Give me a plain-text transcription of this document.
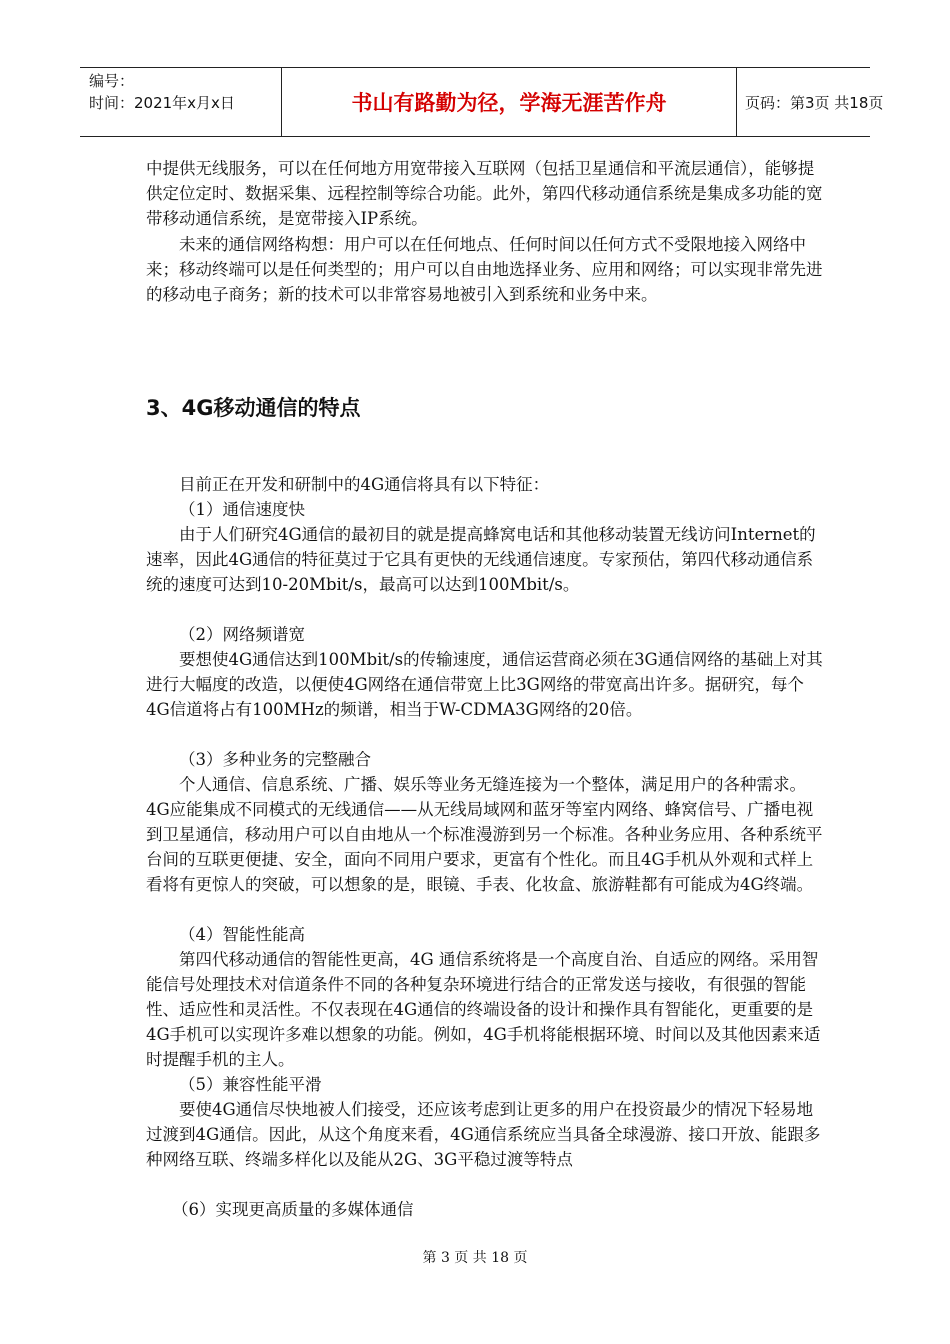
编号：
时间：2021年x月x日	书山有路勤为径，学海无涯苦作舟	页码：第3页 共18页

中提供无线服务，可以在任何地方用宽带接入互联网（包括卫星通信和平流层通信），能够提供定位定时、数据采集、远程控制等综合功能。此外，第四代移动通信系统是集成多功能的宽带移动通信系统，是宽带接入IP系统。

未来的通信网络构想：用户可以在任何地点、任何时间以任何方式不受限地接入网络中来；移动终端可以是任何类型的；用户可以自由地选择业务、应用和网络；可以实现非常先进的移动电子商务；新的技术可以非常容易地被引入到系统和业务中来。

3、4G移动通信的特点

目前正在开发和研制中的4G通信将具有以下特征：

（1）通信速度快

由于人们研究4G通信的最初目的就是提高蜂窝电话和其他移动装置无线访问Internet的速率，因此4G通信的特征莫过于它具有更快的无线通信速度。专家预估，第四代移动通信系统的速度可达到10-20Mbit/s，最高可以达到100Mbit/s。

（2）网络频谱宽

要想使4G通信达到100Mbit/s的传输速度，通信运营商必须在3G通信网络的基础上对其进行大幅度的改造，以便使4G网络在通信带宽上比3G网络的带宽高出许多。据研究，每个4G信道将占有100MHz的频谱，相当于W-CDMA3G网络的20倍。

（3）多种业务的完整融合

个人通信、信息系统、广播、娱乐等业务无缝连接为一个整体，满足用户的各种需求。4G应能集成不同模式的无线通信——从无线局域网和蓝牙等室内网络、蜂窝信号、广播电视到卫星通信，移动用户可以自由地从一个标准漫游到另一个标准。各种业务应用、各种系统平台间的互联更便捷、安全，面向不同用户要求，更富有个性化。而且4G手机从外观和式样上看将有更惊人的突破，可以想象的是，眼镜、手表、化妆盒、旅游鞋都有可能成为4G终端。

（4）智能性能高

第四代移动通信的智能性更高，4G 通信系统将是一个高度自治、自适应的网络。采用智能信号处理技术对信道条件不同的各种复杂环境进行结合的正常发送与接收，有很强的智能性、适应性和灵活性。不仅表现在4G通信的终端设备的设计和操作具有智能化，更重要的是4G手机可以实现许多难以想象的功能。例如，4G手机将能根据环境、时间以及其他因素来适时提醒手机的主人。

（5）兼容性能平滑

要使4G通信尽快地被人们接受，还应该考虑到让更多的用户在投资最少的情况下轻易地过渡到4G通信。因此，从这个角度来看，4G通信系统应当具备全球漫游、接口开放、能跟多种网络互联、终端多样化以及能从2G、3G平稳过渡等特点

（6）实现更高质量的多媒体通信
第 3 页 共 18 页
